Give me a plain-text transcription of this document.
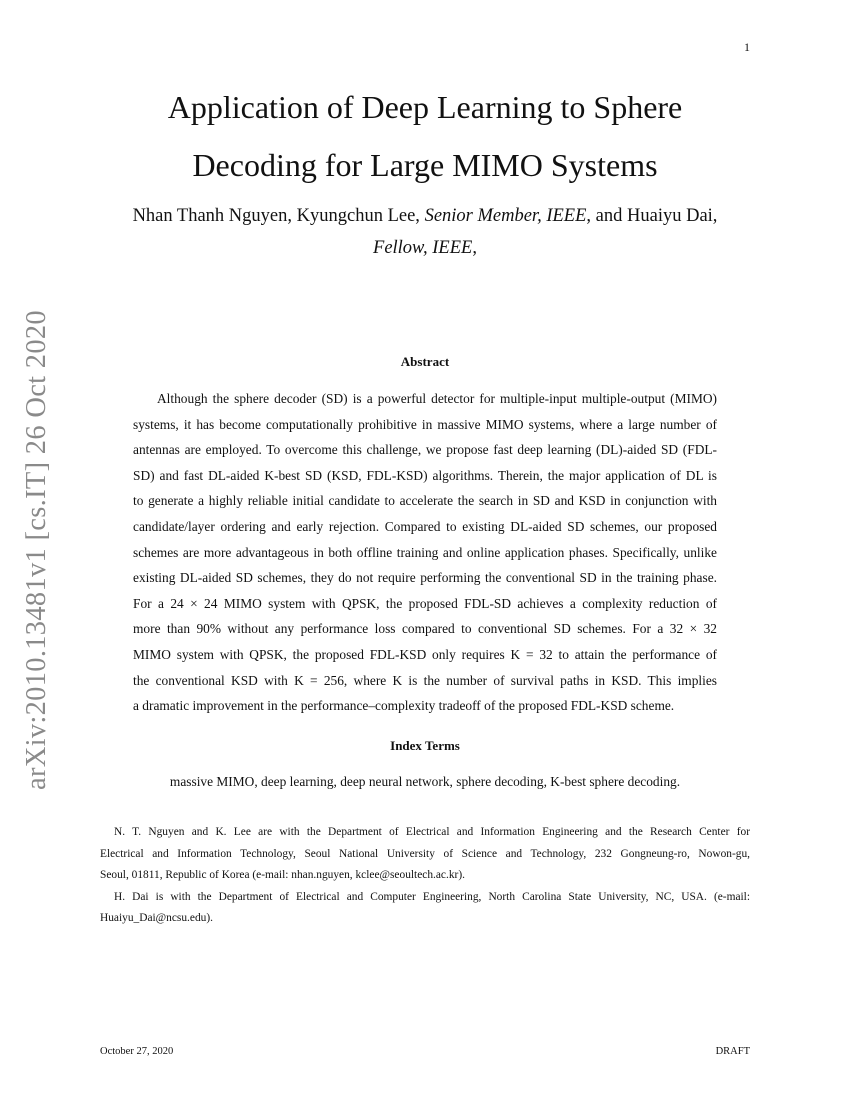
1
arXiv:2010.13481v1 [cs.IT] 26 Oct 2020
Application of Deep Learning to Sphere
Decoding for Large MIMO Systems
Nhan Thanh Nguyen, Kyungchun Lee, Senior Member, IEEE, and Huaiyu Dai,
Fellow, IEEE,
Abstract
Although the sphere decoder (SD) is a powerful detector for multiple-input multiple-output (MIMO)
systems, it has become computationally prohibitive in massive MIMO systems, where a large number of
antennas are employed. To overcome this challenge, we propose fast deep learning (DL)-aided SD (FDL-
SD) and fast DL-aided K-best SD (KSD, FDL-KSD) algorithms. Therein, the major application of DL is
to generate a highly reliable initial candidate to accelerate the search in SD and KSD in conjunction with
candidate/layer ordering and early rejection. Compared to existing DL-aided SD schemes, our proposed
schemes are more advantageous in both offline training and online application phases. Specifically, unlike
existing DL-aided SD schemes, they do not require performing the conventional SD in the training phase.
For a 24 × 24 MIMO system with QPSK, the proposed FDL-SD achieves a complexity reduction of
more than 90% without any performance loss compared to conventional SD schemes. For a 32 × 32
MIMO system with QPSK, the proposed FDL-KSD only requires K = 32 to attain the performance of
the conventional KSD with K = 256, where K is the number of survival paths in KSD. This implies
a dramatic improvement in the performance–complexity tradeoff of the proposed FDL-KSD scheme.
Index Terms
massive MIMO, deep learning, deep neural network, sphere decoding, K-best sphere decoding.
N. T. Nguyen and K. Lee are with the Department of Electrical and Information Engineering and the Research Center for
Electrical and Information Technology, Seoul National University of Science and Technology, 232 Gongneung-ro, Nowon-gu,
Seoul, 01811, Republic of Korea (e-mail: nhan.nguyen, kclee@seoultech.ac.kr).
H. Dai is with the Department of Electrical and Computer Engineering, North Carolina State University, NC, USA. (e-mail:
Huaiyu_Dai@ncsu.edu).
October 27, 2020	DRAFT
